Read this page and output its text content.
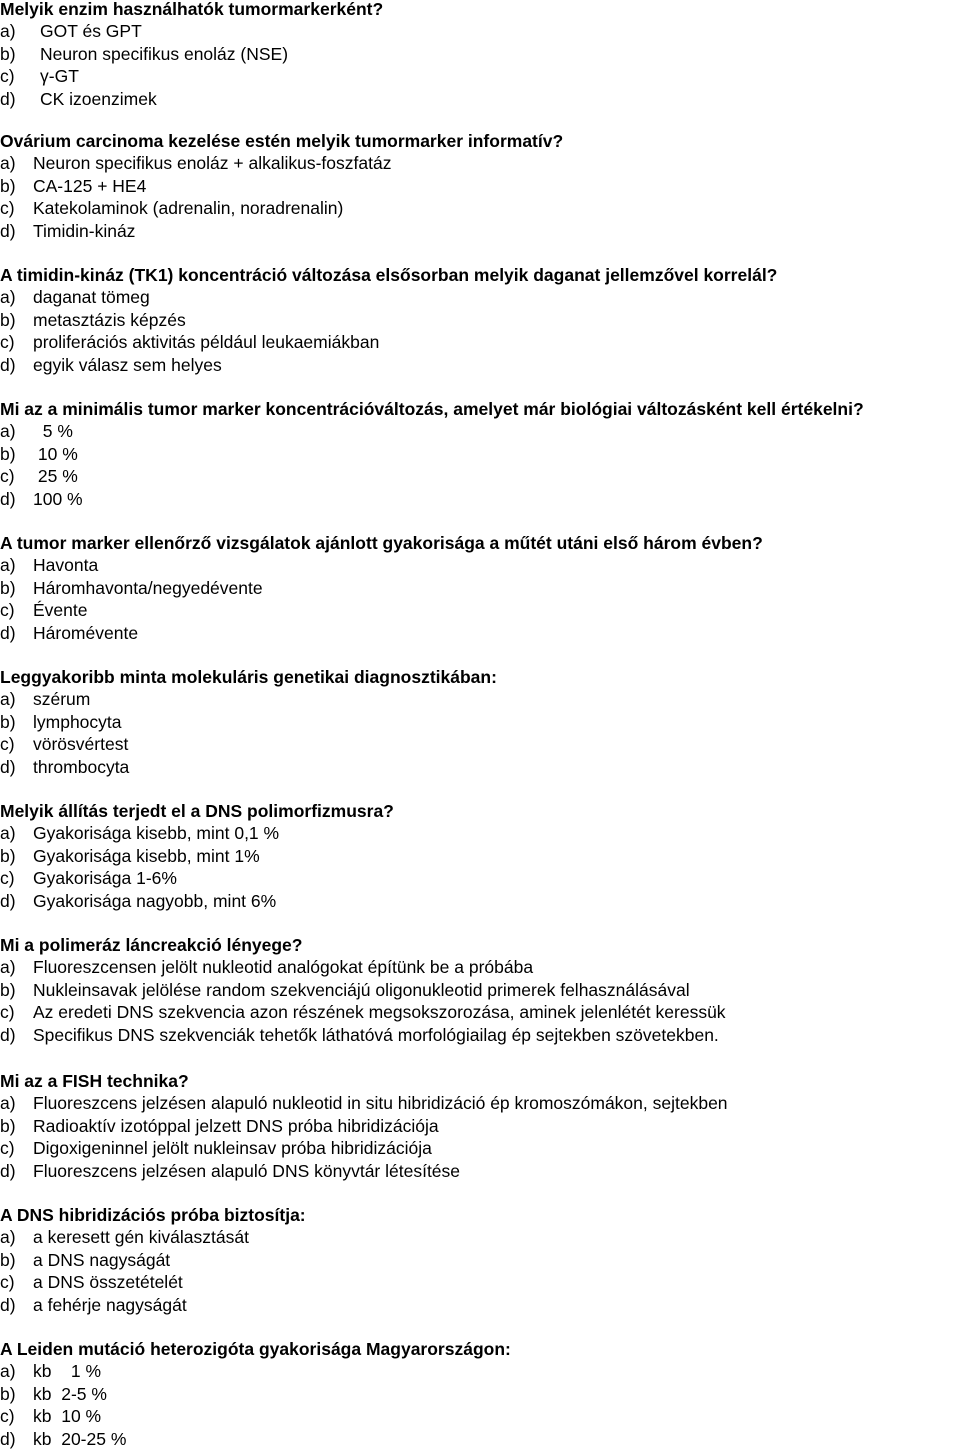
Melyik enzim használhatók tumormarkerként?
a)	GOT és GPT
b)	Neuron specifikus enoláz (NSE)
c)	γ-GT
d)	CK izoenzimek
Ovárium carcinoma kezelése estén melyik tumormarker informatív?
a) Neuron specifikus enoláz + alkalikus-foszfatáz
b) CA-125 + HE4
c)	Katekolaminok (adrenalin, noradrenalin)
d) Timidin-kináz
A timidin-kináz (TK1) koncentráció változása elsősorban melyik daganat jellemzővel korrelál?
a) daganat tömeg
b) metasztázis képzés
c)	proliferációs aktivitás például leukaemiákban
d) egyik válasz sem helyes
Mi az a minimális tumor marker koncentrációváltozás, amelyet már biológiai változásként kell értékelni?
a) 5 %
b) 10 %
c)	25 %
d) 100 %
A tumor marker ellenőrző vizsgálatok ajánlott gyakorisága a műtét utáni első három évben?
a) Havonta
b) Háromhavonta/negyedévente
c)	Évente
d) Háromévente
Leggyakoribb minta molekuláris genetikai diagnosztikában:
a) szérum
b) lymphocyta
c)	vörösvértest
d) thrombocyta
Melyik állítás terjedt el a DNS polimorfizmusra?
a) Gyakorisága kisebb, mint 0,1 %
b) Gyakorisága kisebb, mint 1%
c)	Gyakorisága 1-6%
d) Gyakorisága nagyobb, mint 6%
Mi a polimeráz láncreakció lényege?
a) Fluoreszcensen jelölt nukleotid analógokat építünk be a próbába
b) Nukleinsavak jelölése random szekvenciájú oligonukleotid primerek felhasználásával
c)	Az eredeti DNS szekvencia azon részének megsokszorozása, aminek jelenlétét keressük
d) Specifikus DNS szekvenciák tehetők láthatóvá morfológiailag ép sejtekben szövetekben.
Mi az a FISH technika?
a) Fluoreszcens jelzésen alapuló nukleotid in situ hibridizáció ép kromoszómákon, sejtekben
b) Radioaktív izotóppal jelzett DNS próba hibridizációja
c)	Digoxigeninnel jelölt nukleinsav próba hibridizációja
d) Fluoreszcens jelzésen alapuló DNS könyvtár létesítése
A DNS hibridizációs próba biztosítja:
a) a keresett gén kiválasztását
b) a DNS nagyságát
c)	a DNS összetételét
d) a fehérje nagyságát
A Leiden mutáció heterozigóta gyakorisága Magyarországon:
a) kb    1 %
b) kb  2-5 %
c)	kb  10 %
d) kb  20-25 %
